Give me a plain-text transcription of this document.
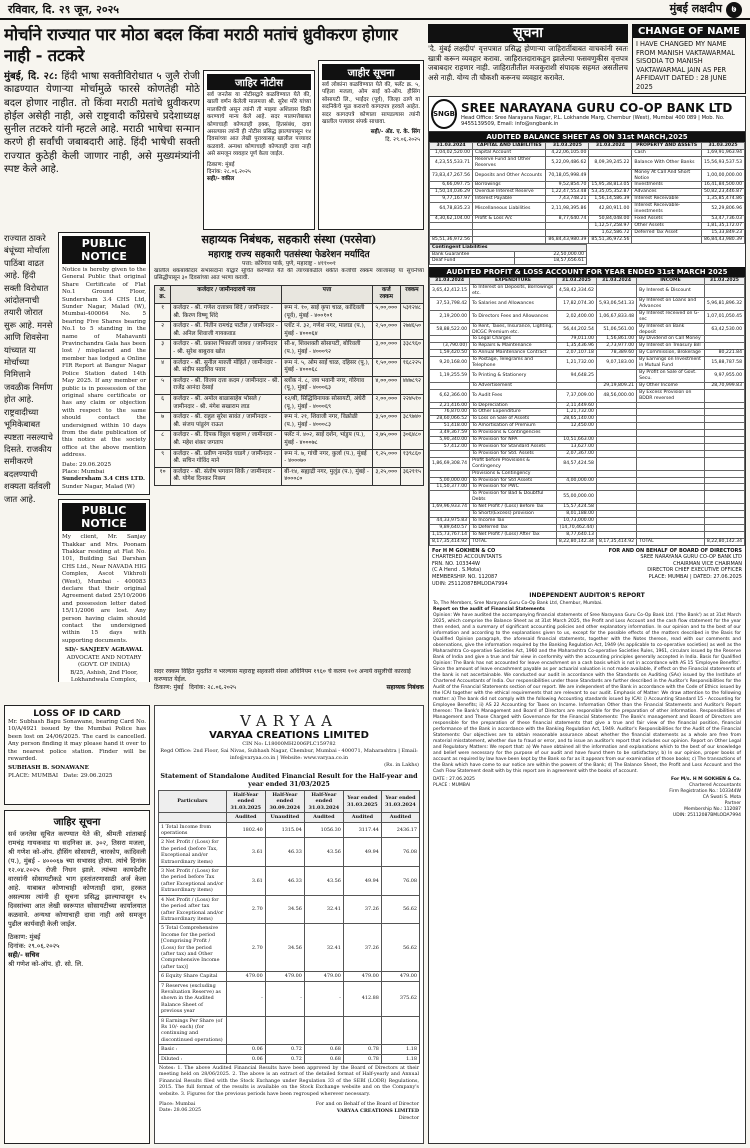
रविवार, दि. २९ जून, २०२५	मुंबई लक्षदीप ७
मोर्चाने राज्यात पार मोठा बदल किंवा मराठी मतांचं ध्रुवीकरण होणार नाही - तटकरे

मुंबई, दि. २८: हिंदी भाषा सक्तीविरोधात ५ जुलै रोजी काढण्यात येणाऱ्या मोर्चामुळे फारसे कोणतेही मोठे बदल होणार नाहीत. तो किंवा मराठी मतांचे ध्रुवीकरण होईल असेही नाही, असे राष्ट्रवादी काँग्रेसचे प्रदेशाध्यक्ष सुनील तटकरे यांनी म्हटले आहे. मराठी भाषेचा सन्मान करणे ही सर्वांची जबाबदारी आहे. हिंदी भाषेची सक्ती राज्यात कुठेही केली जाणार नाही, असे मुख्यमंत्र्यांनी स्पष्ट केले आहे.

जाहिर नोटीस
सर्व जनतेस या नोटीसद्वारे कळविण्यात येते की, खाली वर्णन केलेली मालमत्ता श्री. सुरेश मोरे यांच्या मालकीची असून त्यांनी ती माझ्या अशिलास विक्री करण्याचे मान्य केले आहे. सदर मालमत्तेबाबत कोणाचाही कोणताही हक्क, हितसंबंध, दावा असल्यास त्यांनी ही नोटीस प्रसिद्ध झाल्यापासून १४ दिवसांच्या आत लेखी पुराव्यासह खालील पत्त्यावर कळवावे. अन्यथा कोणाचाही कोणताही दावा नाही असे समजून व्यवहार पूर्ण केला जाईल.
ठिकाण: मुंबई
दिनांक: २८.०६.२०२५
सही/- वकील
जाहीर सूचना
सर्व लोकांना कळविण्यात येते की, फ्लॅट क्र. ५, पहिला मजला, ओम साई को-ऑप. हौसिंग सोसायटी लि., भाईंदर (पूर्व), जिल्हा ठाणे या सदनिकेचे मूळ कराराचे कागदपत्र हरवले आहेत. सदर कागदपत्रे कोणाला सापडल्यास त्यांनी खालील पत्त्यावर संपर्क साधावा.
सही/- अ‍ॅड. ए. के. सिंग
दि. २९.०६.२०२५

राज्यात ठाकरे बंधूंच्या मोर्चाला पाठिंबा वाढत आहे. हिंदी सक्ती विरोधात आंदोलनाची तयारी जोरात सुरू आहे. मनसे आणि शिवसेना यांच्यात या मोर्चाच्या निमित्ताने जवळीक निर्माण होत आहे. राष्ट्रवादीच्या भूमिकेबाबत स्पष्टता नसल्याचे दिसते. राजकीय समीकरणे बदलण्याची शक्यता वर्तवली जात आहे.

PUBLIC NOTICE
Notice is hereby given to the General Public that original Share Certificate of Flat No.1 Ground Floor, Sundersham 3.4 CHS Ltd, Sunder Nagar, Malad (W), Mumbai-400064 No. 5 bearing Five Shares bearing No.1 to 5 standing in the name of Mahavanti Pravinchandra Gala has been lost / misplaced and the member has lodged a Online FIR Report at Bangur Nagar Police Station dated 14th May 2025. If any member or public is in possession of the original share certificate or has any claim or objection with respect to the same should contact the undersigned within 10 days from the date publication of this notice at the society office at the above mention address.
Date: 29.06.2025
Place: Mumbai
Sundersham 3.4 CHS LTD.
Sunder Nagar, Malad (W)
PUBLIC NOTICE
My client, Mr. Sanjay Thakkar and Mrs. Poonam Thakkar residing at Flat No. 101, Building Sai Darshan CHS Ltd., Near NAVADA HIG Complex, Ascot Vikhroli (West), Mumbai - 400083 declare that their original Agreement dated 25/10/2006 and possession letter dated 15/11/2006 are lost. Any person having claim should contact the undersigned within 15 days with supporting documents.
SD/- SANJEEV AGRAWAL
ADVOCATE AND NOTARY (GOVT. OF INDIA)
B/25, Ashish, 2nd Floor, Lokhandwala Complex,

सहाय्यक निबंधक, सहकारी संस्था (परसेवा)
महाराष्ट्र राज्य सहकारी पतसंस्था फेडरेशन मर्यादित
पत्ता: कोरेगाव पार्क, पुणे, महाराष्ट्र - ४११००१
खालील थकबाकीदार सभासदांना याद्वारे सूचित करण्यात येते की त्यांच्याकडील थकीत कर्जाची रक्कम व्याजासह या सूचनेच्या प्रसिद्धीपासून ३० दिवसांच्या आत भरणा करावी.
अ. क्र.	कर्जदार / जामीनदाराचे नाव	पत्ता	कर्ज रक्कम	रक्कम
१	कर्जदार - श्री. गणेश दत्तात्रय शिंदे / जामीनदार - श्री. किरण विष्णू शिंदे	रूम नं. १०, साई कृपा चाळ, कांदिवली (पूर्व), मुंबई - ४००१०१	५,००,०००	५३१२४८
२	कर्जदार - श्री. नितीन रामचंद्र पाटील / जामीनदार - श्री. अनिल शिवाजी गायकवाड	प्लॉट नं. ३२, गणेश नगर, मालाड (प.), मुंबई - ४०००६४	२,५०,०००	२७४६५०
३	कर्जदार - श्री. प्रकाश भिकाजी जाधव / जामीनदार - श्री. सुरेश बाबुराव खोत	सी-४, शिवशक्ती सोसायटी, बोरिवली (प.), मुंबई - ४०००९२	३,००,०००	३३८९६०
४	कर्जदार - श्री. सुनील मारुती मोहिते / जामीनदार - श्री. संदीप सदाशिव पवार	रूम नं. ५, ओम साई चाळ, दहिसर (पू.), मुंबई - ४०००६८	१,५०,०००	१६८२२५
५	कर्जदार - श्री. विजय दत्ता कदम / जामीनदार - श्री. राजेंद्र आनंदा देसाई	ब्लॉक नं. ८, जय भवानी नगर, गोरेगाव (पू.), मुंबई - ४०००६३	४,००,०००	४४७८९२
६	कर्जदार - श्री. अमोल बाळासाहेब भोसले / जामीनदार - श्री. मंगेश सखाराम लाड	१२/बी, सिद्धिविनायक सोसायटी, अंधेरी (पू.), मुंबई - ४०००६९	२,००,०००	२२४५१०
७	कर्जदार - श्री. राहुल सुरेश सावंत / जामीनदार - श्री. संजय पांडुरंग राऊत	रूम नं. २१, शिवाजी नगर, विक्रोळी (प.), मुंबई - ४०००८३	३,५०,०००	३८९७४०
८	कर्जदार - श्री. दिपक विठ्ठल चव्हाण / जामीनदार - श्री. महेश शंकर जगताप	फ्लॅट नं. ४०२, साई दर्शन, भांडुप (प.), मुंबई - ४०००७८	२,७५,०००	३०६४८०
९	कर्जदार - श्री. प्रवीण नामदेव घाडगे / जामीनदार - श्री. सचिन गोविंद माने	रूम नं. ७, गांधी नगर, कुर्ला (प.), मुंबई - ४०००७०	१,२५,०००	१३९८६०
१०	कर्जदार - श्री. संतोष भगवान शिर्के / जामीनदार - श्री. योगेश दिनकर निकम	बी-१४, सह्याद्री नगर, मुलुंड (प.), मुंबई - ४०००८०	३,२५,०००	३६२११५
सदर रक्कम विहित मुदतीत न भरल्यास महाराष्ट्र सहकारी संस्था अधिनियम १९६० चे कलम १०१ अन्वये वसुलीची कारवाई करण्यात येईल.
ठिकाण: मुंबई दिनांक: २८.०६.२०२५	सहाय्यक निबंधक
LOSS OF ID CARD
Mr. Subhash Bapu Sonawane, bearing Card No. 10/A/4921 issued by the Mumbai Police has been lost on 24/06/2025. The card is cancelled. Any person finding it may please hand it over to the nearest police station. Finder will be rewarded.
SUBHASH B. SONAWANE
PLACE: MUMBAI Date: 29.06.2025
जाहिर सूचना
सर्व जनतेस सूचित करण्यात येते की, श्रीमती शांताबाई रामचंद्र गायकवाड या सदनिका क्र. ३०२, तिसरा मजला, श्री गणेश को-ऑप. हौसिंग सोसायटी, चारकोप, कांदिवली (प.), मुंबई - ४०००६७ च्या सभासद होत्या. त्यांचे दिनांक १२.०४.२०२५ रोजी निधन झाले. त्यांच्या कायदेशीर वारसांनी सोसायटीकडे भाग हस्तांतरणासाठी अर्ज केला आहे. याबाबत कोणाचाही कोणताही दावा, हरकत असल्यास त्यांनी ही सूचना प्रसिद्ध झाल्यापासून १५ दिवसांच्या आत लेखी स्वरूपात सोसायटीच्या कार्यालयात कळवावे. अन्यथा कोणाचाही दावा नाही असे समजून पुढील कार्यवाही केली जाईल.
ठिकाण: मुंबई
दिनांक: २९.०६.२०२५
सही/- सचिव
श्री गणेश को-ऑप. हौ. सो. लि.
VARYAA
VARYAA CREATIONS LIMITED
CIN No: L18000MH2006PLC159782
Regd Office: 2nd Floor, Sai Nivas, Subhash Nagar, Chembur, Mumbai - 400071, Maharashtra | Email: info@varyaa.co.in | Website: www.varyaa.co.in
(Rs. in Lakhs)
Statement of Standalone Audited Financial Result for the Half-year and year ended 31/03/2025
Particulars	Half-Year ended 31.03.2025	Half-Year ended 30.09.2024	Half-Year ended 31.03.2024	Year ended 31.03.2025	Year ended 31.03.2024
	Audited	Unaudited	Audited	Audited	Audited
1 Total Income from operations	1802.40	1315.04	1056.30	3117.44	2436.17
2 Net Profit / (Loss) for the period (before Tax, Exceptional and/or Extraordinary items)	3.61	46.33	43.56	49.94	76.08
3 Net Profit / (Loss) for the period before Tax (after Exceptional and/or Extraordinary items)	3.61	46.33	43.56	49.94	76.08
4 Net Profit / (Loss) for the period after tax (after Exceptional and/or Extraordinary items)	2.70	34.56	32.41	37.26	56.62
5 Total Comprehensive Income for the period [Comprising Profit / (Loss) for the period (after tax) and Other Comprehensive Income (after tax)]	2.70	34.56	32.41	37.26	56.62
6 Equity Share Capital	479.00	479.00	479.00	479.00	479.00
7 Reserves (excluding Revaluation Reserve) as shown in the Audited Balance Sheet of previous year	-	-	-	412.88	375.62
8 Earnings Per Share (of Rs 10/- each) (for continuing and discontinued operations)					
Basic :	0.06	0.72	0.68	0.78	1.18
Diluted :	0.06	0.72	0.68	0.78	1.18
Notes: 1. The above Audited Financial Results have been approved by the Board of Directors at their meeting held on 28/06/2025. 2. The above is an extract of the detailed format of Half-yearly and Annual Financial Results filed with the Stock Exchange under Regulation 33 of the SEBI (LODR) Regulations, 2015. The full format of the results is available on the Stock Exchange website and on the Company's website. 3. Figures for the previous periods have been regrouped wherever necessary.
Place: Mumbai
Date: 28.06.2025
For and on Behalf of the Board of Director
VARYAA CREATIONS LIMITED
Director
सूचना
'दै. मुंबई लक्षदीप' वृत्तपत्रात प्रसिद्ध होणाऱ्या जाहिरातींबाबत वाचकांनी स्वतः खात्री करून व्यवहार करावा. जाहिरातदाराकडून झालेल्या फसवणुकीस वृत्तपत्र जबाबदार राहणार नाही. जाहिरातीतील मजकुराशी संपादक सहमत असतीलच असे नाही. योग्य ती चौकशी करूनच व्यवहार करावेत.
CHANGE OF NAME
I HAVE CHANGED MY NAME FROM MANISH VAKTAWARMAL SISODIA TO MANISH VAKTAWARMAL JAIN AS PER AFFIDAVIT DATED : 28 JUNE 2025
SNGB SREE NARAYANA GURU CO-OP BANK LTD
Head Office: Sree Narayana Nagar, P.L. Lokhande Marg, Chembur (West), Mumbai 400 089 | Mob. No. 9455139509, Email: info@sngbank.in
AUDITED BALANCE SHEET AS ON 31st MARCH,2025
31.03.2024	CAPITAL AND LIABILITIES	31.03.2025	31.03.2024	PROPERTY AND ASSETS	31.03.2025
1,04,02,520.00	Capital Account	4,22,06,105.00		Cash	1,69,91,963.94
4,23,55,533.71	Reserve Fund and Other Reserves	5,22,09,486.62	8,09,39,245.22	Balance With Other Banks	15,56,93,537.53
73,83,47,267.56	Deposits and Other Accounts	70,18,05,998.49		Money At Call And Short Notice	1,00,00,000.00
6,66,097.75	Borrowings	9,52,854.70	15,95,38,813.05	Investments	16,41,84,500.00
1,50,14,036.29	Overdue Interest Reserve	1,22,47,553.48	53,35,05,352.87	Advances	50,82,23,446.87
9,77,167.97	Interest Payable	7,43,748.21	1,56,14,586.39	Interest Receivable	1,35,85,474.86
64,78,835.23	Miscellaneous Liabilities	2,11,98,395.86	42,80,911.00	Interest Receivable-investments	52,29,806.96
4,30,62,104.00	Profit & Loss A/c	8,77,640.74	50,84,048.00	Fixed Assets	53,47,736.03
			1,12,57,258.97	Other Assets	1,81,35,172.07
			1,62,586.72	Deferred Tax Asset	15,33,849.23
85,51,36,972.56		86,84,43,980.39	85,51,36,972.56		86,84,43,980.39
Contingent Liabilities	
Bank Guarantee	22,50,000.00
Deaf Fund	18,57,656.61
AUDITED PROFIT & LOSS ACCOUNT FOR YEAR ENDED 31st MARCH 2025
31.03.2024	EXPENDITURE	31.03.2025	31.03.2024	INCOME	31.03.2025
3,65,42,412.15	To Interest on Deposits, Borrowings etc.	4,58,42,334.62		By Interest & Discount	
37,53,798.42	To Salaries and Allowances	17,82,074.30	5,93,06,541.33	By Interest on Loans and Advances	5,96,81,896.32
2,19,200.00	To Directors Fees and Allowances	2,02,400.00	1,06,67,833.48	By Interest received on G-sec	1,07,01,050.45
58,88,522.00	To Rent, Taxes, Insurance, Lighting, DICGC Premium etc.	56,44,202.54	51,06,561.00	By Interest on Bank deposit	63,42,530.00
	To Legal Charges	79,011.00	1,56,861.00	By Dividend on Call Money	
(3,790.00)	To Repairs & Maintenance	1,35,436.96	2,73,977.00	By Interest on Treasury Bill	
1,59,420.50	To Annual Maintenance Contract	2,07,107.18	78,389.60	By Commission, Brokerage	80,221.84
9,20,168.00	To Postage, Telegrams and Telephone	1,21,732.00	9,07,183.00	By Earnings on Investment in Mutual Fund	15,88,787.58
1,19,255.59	To Printing & Stationery	94,648.25		By Profit on Sale of Govt. Secu.	9,97,955.00
	To Advertisement		29,19,809.21	By Other Income	28,70,999.83
6,62,366.00	To Audit Fees	7,37,009.00	48,56,000.00	By Excess Provision on BDDR reversed	
2,21,416.00	To Depreciation	2,11,449.60			
76,870.00	To Other Expenditure	1,21,732.00			
28,60,066.52	To Loss on Sale of Assets	28,65,140.00			
51,418.00	To Amortisation of Premium	12,450.00			
3,49,367.59	To Provisions & Contingencies				
5,90,340.00	To Provision for NPA	10,51,663.00			
57,412.00	To Provision for Standard Assets	13,627.00			
	To Provision for Std. Assets	2,07,367.00			
1,86,69,308.74	Profit before Provisions & Contingency	84,57,424.58			
	Provisions & Contingency				
5,00,000.00	To Provision for Std Assets	4,00,000.00			
11,50,377.00	To Provision for PWC				
	To Provision for Bad & Doubtful Debts	55,00,000.00			
1,69,96,933.74	To Net Profit / (Loss) Before Tax	15,57,424.58			
	To Short/(Excess) provision	8,01,188.00			
44,33,975.83	To Income Tax	10,73,000.00			
9,89,640.57	To Deferred Tax	(14,70,462.44)			
1,15,73,767.14	To Net Profit / (Loss) After Tax	8,77,640.13			
8,17,35,414.92	TOTAL	8,22,80,142.34	8,17,35,414.92	TOTAL	8,22,80,142.34
For H M GOKHEN & CO
CHARTERED ACCOUNTANTS
FRN. NO. 103344W
(C A Hend . S.Mota)
MEMBERSHIP. NO. 112087
UDIN: 25112087BMLODA7994
FOR AND ON BEHALF OF BOARD OF DIRECTORS
SREE NARAYANA GURU CO-OP BANK LTD
CHAIRMAN VICE CHAIRMAN
DIRECTOR CHIEF EXECUTIVE OFFICER
PLACE: MUMBAI | DATED: 27.06.2025
INDEPENDENT AUDITOR'S REPORT
To, The Members, Sree Narayana Guru Co-Op Bank Ltd, Chembur, Mumbai.
Report on the audit of Financial Statements
Opinion: We have audited the accompanying financial statements of Sree Narayana Guru Co-Op Bank Ltd. ('the Bank') as at 31st March 2025, which comprise the Balance Sheet as at 31st March 2025, the Profit and Loss Account and the cash flow statement for the year then ended, and a summary of significant accounting policies and other explanatory information. In our opinion and to the best of our information and according to the explanations given to us, except for the possible effects of the matters described in the Basis for Qualified Opinion paragraph, the aforesaid financial statements, together with the Notes thereon, read with our comments and observations, give the information required by the Banking Regulation Act, 1949 (As applicable to co-operative societies) as well as the Maharashtra Co-operative Societies Act, 1960 and the Maharashtra Co-operative Societies Rules, 1961, circulars issued by the Reserve Bank of India and give a true and fair view in conformity with the accounting principles generally accepted in India. Basis for Qualified Opinion: The Bank has not accounted for leave encashment on a cash basis which is not in accordance with AS 15 'Employee Benefits'. Since the amount of leave encashment payable as per actuarial valuation is not made available, if effect on the Financial statements of the bank is not ascertainable. We conducted our audit in accordance with the Standards on Auditing (SAs) issued by the Institute of Chartered Accountants of India. Our responsibilities under those Standards are further described in the Auditor's Responsibilities for the Audit of the Financial Statements section of our report. We are independent of the Bank in accordance with the Code of Ethics issued by the ICAI together with the ethical requirements that are relevant to our audit. Emphasis of Matter: We draw attention to the following matter: a) The bank did not comply with the following Accounting standards issued by ICAI: i) Accounting Standard 15 - Accounting for Employee Benefits; ii) AS 22 Accounting for Taxes on Income. Information Other than the Financial Statements and Auditor's Report thereon: The Bank's Management and Board of Directors are responsible for the preparation of other information. Responsibilities of Management and Those Charged with Governance for the Financial Statements: The Bank's management and Board of Directors are responsible for the preparation of these financial statements that give a true and fair view of the financial position, financial performance of the Bank in accordance with the Banking Regulation Act, 1949. Auditor's Responsibilities for the Audit of the Financial Statements: Our objectives are to obtain reasonable assurance about whether the financial statements as a whole are free from material misstatement, whether due to fraud or error, and to issue an auditor's report that includes our opinion. Report on Other Legal and Regulatory Matters: We report that: a) We have obtained all the information and explanations which to the best of our knowledge and belief were necessary for the purpose of our audit and have found them to be satisfactory; b) In our opinion, proper books of account as required by law have been kept by the Bank so far as it appears from our examination of those books; c) The transactions of the Bank which have come to our notice are within the powers of the Bank; d) The Balance Sheet, the Profit and Loss Account and the Cash Flow Statement dealt with by this report are in agreement with the books of account.
DATE : 27.06.2025
PLACE : MUMBAI
For M/s. H M GOKHEN & Co.
Chartered Accountants
Firm Registration No.: 103344W
CA Swati S. Mota
Partner
Membership No.: 112087
UDIN: 25112087BMLODA7994
